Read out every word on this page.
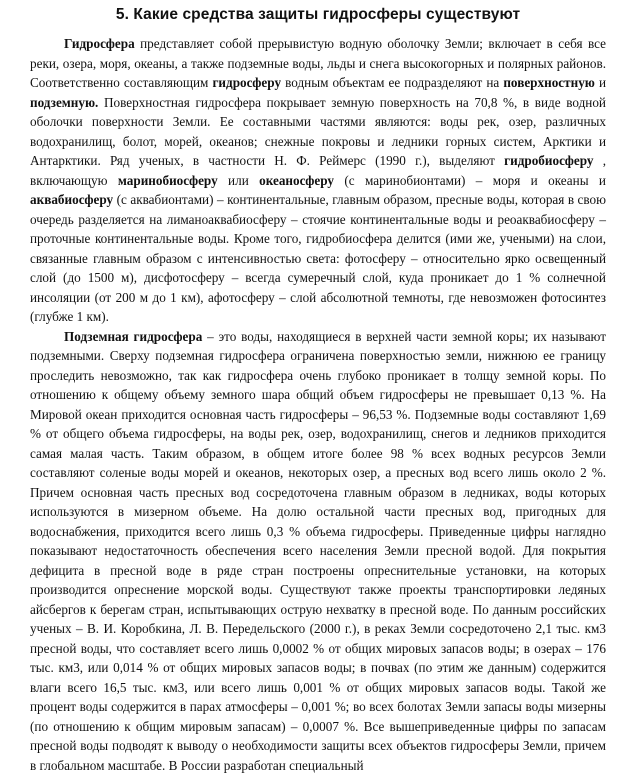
5. Какие средства защиты гидросферы существуют

Гидросфера представляет собой прерывистую водную оболочку Земли; включает в себя все реки, озера, моря, океаны, а также подземные воды, льды и снега высокогорных и полярных районов. Соответственно составляющим гидросферу водным объектам ее подразделяют на поверхностную и подземную. Поверхностная гидросфера покрывает земную поверхность на 70,8 %, в виде водной оболочки поверхности Земли. Ее составными частями являются: воды рек, озер, различных водохранилищ, болот, морей, океанов; снежные покровы и ледники горных систем, Арктики и Антарктики. Ряд ученых, в частности Н. Ф. Реймерс (1990 г.), выделяют гидробиосферу , включающую маринобиосферу или океаносферу (с маринобионтами) – моря и океаны и аквабиосферу (с аквабионтами) – континентальные, главным образом, пресные воды, которая в свою очередь разделяется на лиманоаквабиосферу – стоячие континентальные воды и реоаквабиосферу – проточные континентальные воды. Кроме того, гидробиосфера делится (ими же, учеными) на слои, связанные главным образом с интенсивностью света: фотосферу – относительно ярко освещенный слой (до 1500 м), дисфотосферу – всегда сумеречный слой, куда проникает до 1 % солнечной инсоляции (от 200 м до 1 км), афотосферу – слой абсолютной темноты, где невозможен фотосинтез (глубже 1 км).

Подземная гидросфера – это воды, находящиеся в верхней части земной коры; их называют подземными. Сверху подземная гидросфера ограничена поверхностью земли, нижнюю ее границу проследить невозможно, так как гидросфера очень глубоко проникает в толщу земной коры. По отношению к общему объему земного шара общий объем гидросферы не превышает 0,13 %. На Мировой океан приходится основная часть гидросферы – 96,53 %. Подземные воды составляют 1,69 % от общего объема гидросферы, на воды рек, озер, водохранилищ, снегов и ледников приходится самая малая часть. Таким образом, в общем итоге более 98 % всех водных ресурсов Земли составляют соленые воды морей и океанов, некоторых озер, а пресных вод всего лишь около 2 %. Причем основная часть пресных вод сосредоточена главным образом в ледниках, воды которых используются в мизерном объеме. На долю остальной части пресных вод, пригодных для водоснабжения, приходится всего лишь 0,3 % объема гидросферы. Приведенные цифры наглядно показывают недостаточность обеспечения всего населения Земли пресной водой. Для покрытия дефицита в пресной воде в ряде стран построены опреснительные установки, на которых производится опреснение морской воды. Существуют также проекты транспортировки ледяных айсбергов к берегам стран, испытывающих острую нехватку в пресной воде. По данным российских ученых – В. И. Коробкина, Л. В. Передельского (2000 г.), в реках Земли сосредоточено 2,1 тыс. км3 пресной воды, что составляет всего лишь 0,0002 % от общих мировых запасов воды; в озерах – 176 тыс. км3, или 0,014 % от общих мировых запасов воды; в почвах (по этим же данным) содержится влаги всего 16,5 тыс. км3, или всего лишь 0,001 % от общих мировых запасов воды. Такой же процент воды содержится в парах атмосферы – 0,001 %; во всех болотах Земли запасы воды мизерны (по отношению к общим мировым запасам) – 0,0007 %. Все вышеприведенные цифры по запасам пресной воды подводят к выводу о необходимости защиты всех объектов гидросферы Земли, причем в глобальном масштабе. В России разработан специальный
